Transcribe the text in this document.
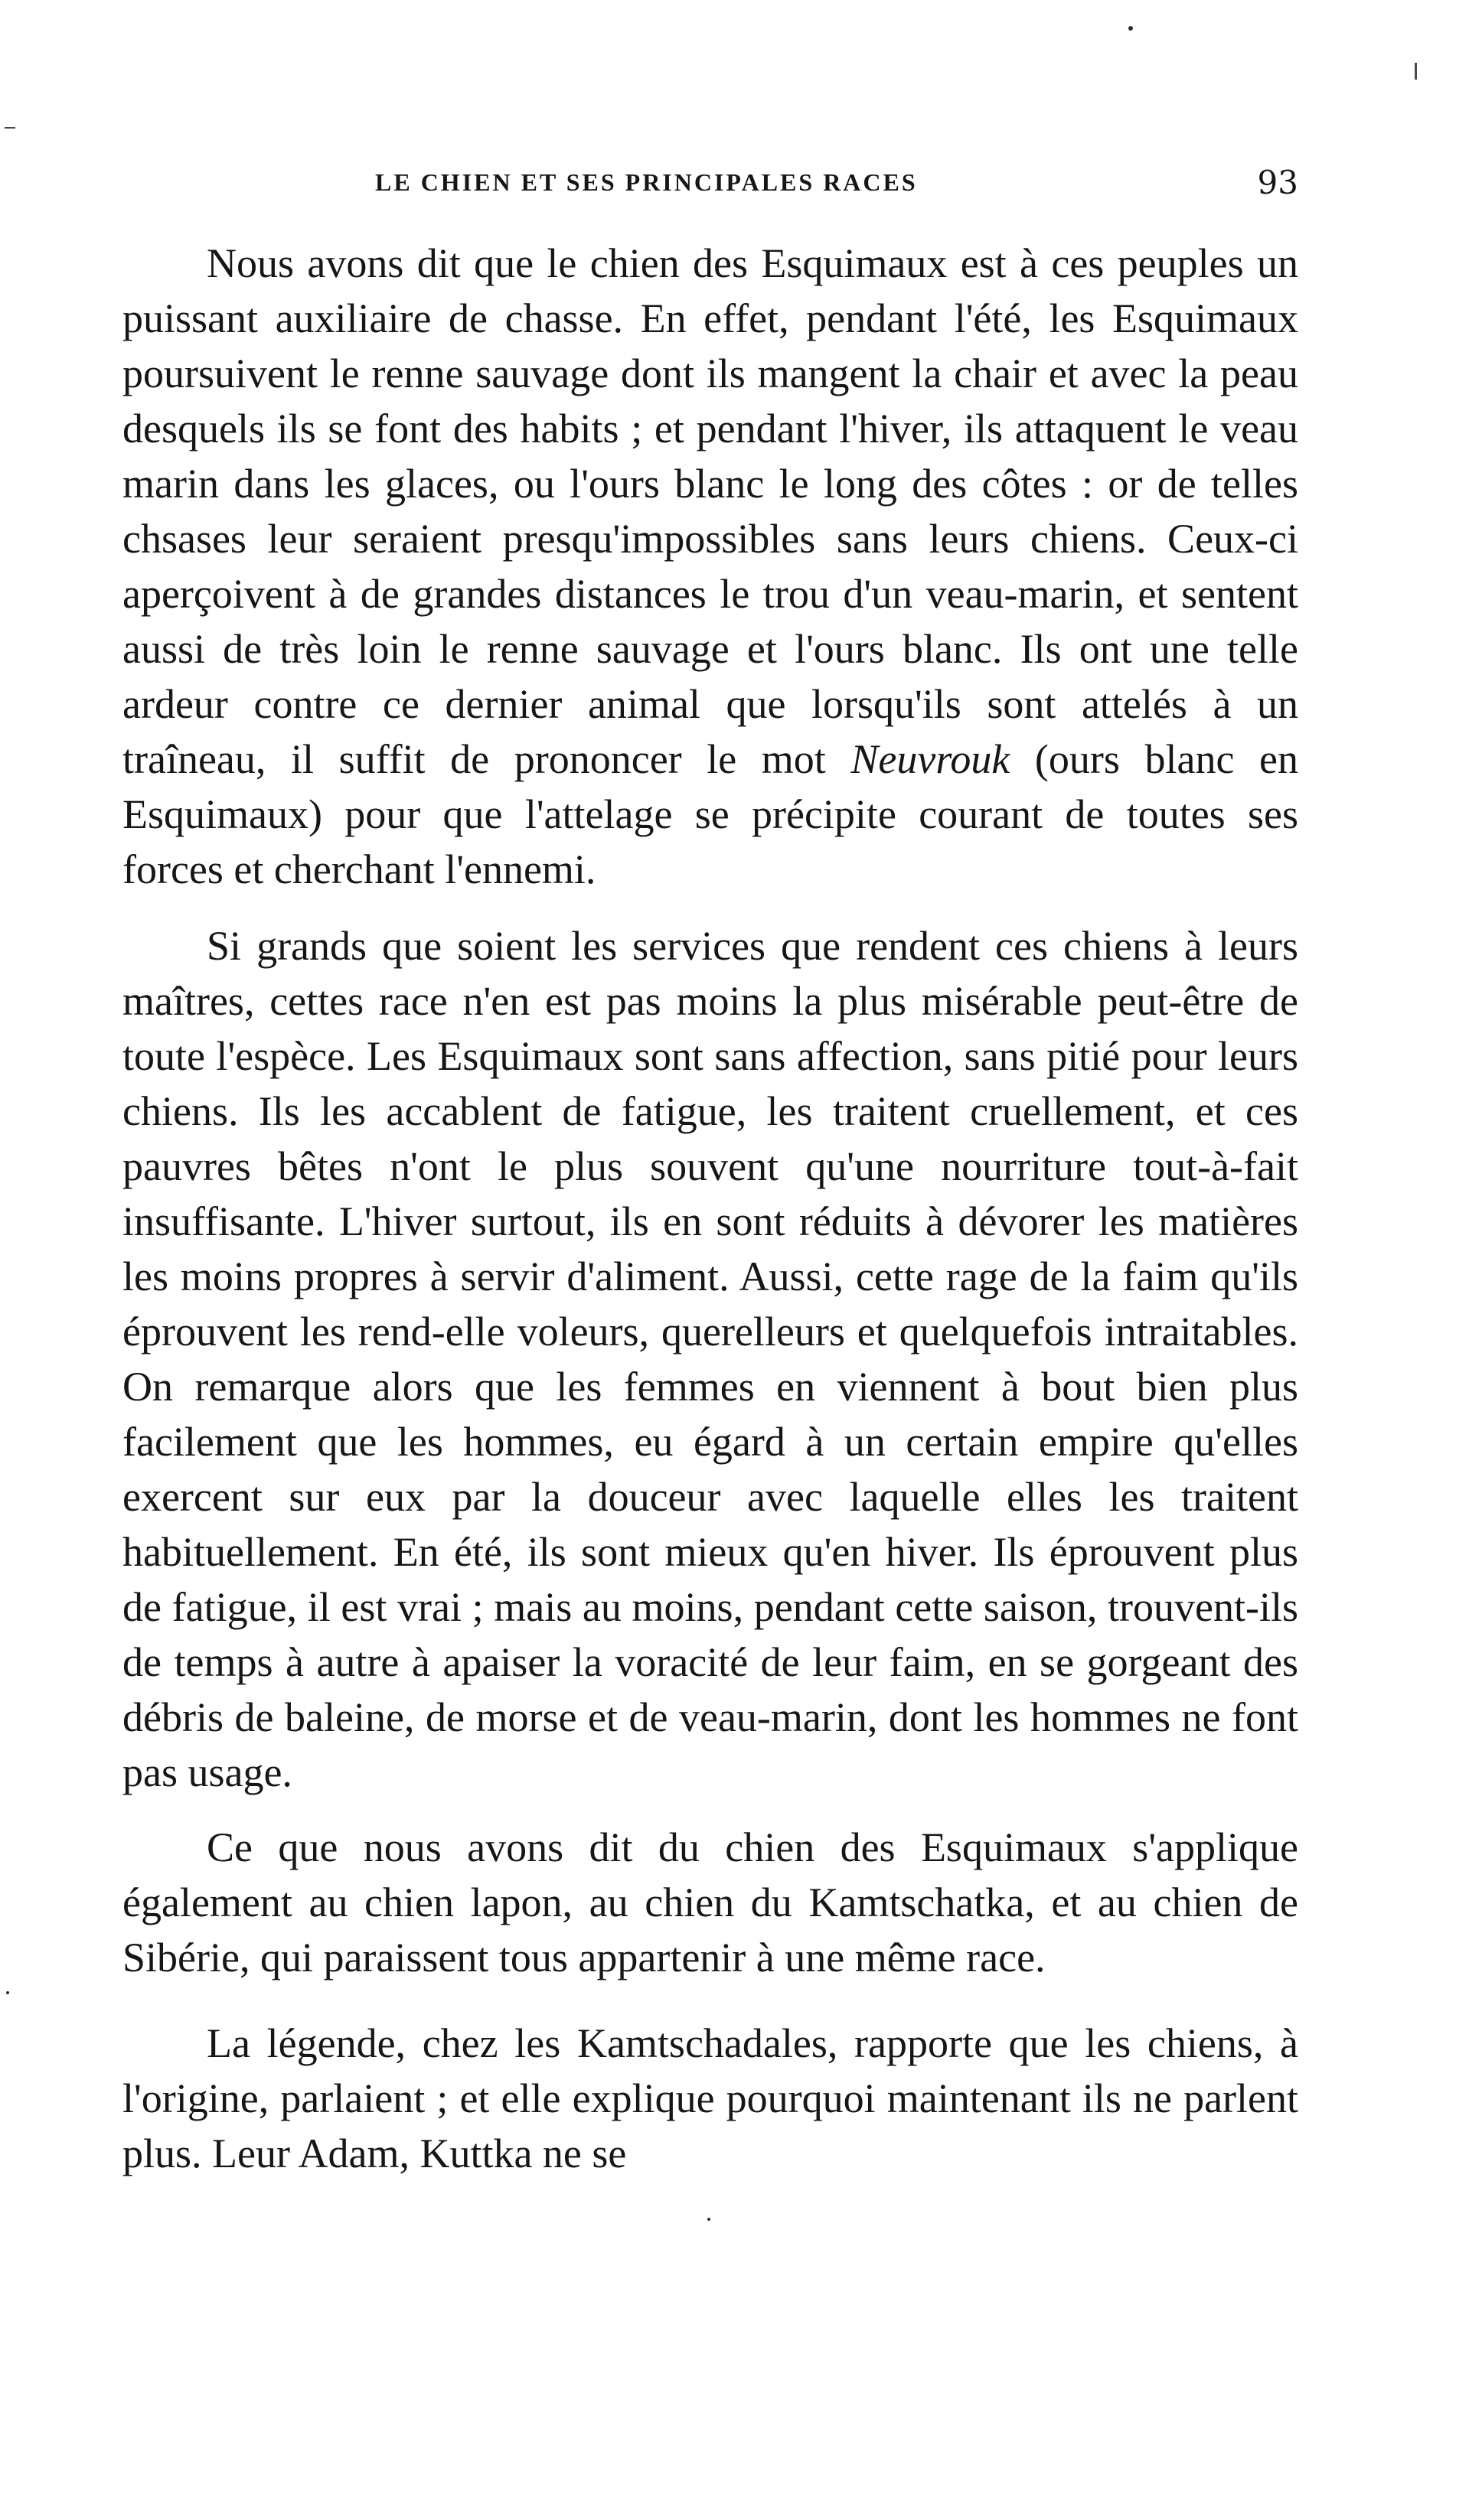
LE CHIEN ET SES PRINCIPALES RACES	93

Nous avons dit que le chien des Esquimaux est à ces peuples un puissant auxiliaire de chasse. En effet, pendant l'été, les Esquimaux poursuivent le renne sauvage dont ils mangent la chair et avec la peau desquels ils se font des habits ; et pendant l'hiver, ils attaquent le veau marin dans les glaces, ou l'ours blanc le long des côtes : or de telles chsases leur seraient presqu'impossibles sans leurs chiens. Ceux-ci aperçoivent à de grandes distances le trou d'un veau-marin, et sentent aussi de très loin le renne sauvage et l'ours blanc. Ils ont une telle ardeur contre ce dernier animal que lorsqu'ils sont attelés à un traîneau, il suffit de prononcer le mot Neuvrouk (ours blanc en Esquimaux) pour que l'attelage se précipite courant de toutes ses forces et cherchant l'ennemi.

Si grands que soient les services que rendent ces chiens à leurs maîtres, cettes race n'en est pas moins la plus misérable peut-être de toute l'espèce. Les Esquimaux sont sans affection, sans pitié pour leurs chiens. Ils les accablent de fatigue, les traitent cruellement, et ces pauvres bêtes n'ont le plus souvent qu'une nourriture tout-à-fait insuffisante. L'hiver surtout, ils en sont réduits à dévorer les matières les moins propres à servir d'aliment. Aussi, cette rage de la faim qu'ils éprouvent les rend-elle voleurs, querelleurs et quelquefois intraitables. On remarque alors que les femmes en viennent à bout bien plus facilement que les hommes, eu égard à un certain empire qu'elles exercent sur eux par la douceur avec laquelle elles les traitent habituellement. En été, ils sont mieux qu'en hiver. Ils éprouvent plus de fatigue, il est vrai ; mais au moins, pendant cette saison, trouvent-ils de temps à autre à apaiser la voracité de leur faim, en se gorgeant des débris de baleine, de morse et de veau-marin, dont les hommes ne font pas usage.

Ce que nous avons dit du chien des Esquimaux s'applique également au chien lapon, au chien du Kamtschatka, et au chien de Sibérie, qui paraissent tous appartenir à une même race.

La légende, chez les Kamtschadales, rapporte que les chiens, à l'origine, parlaient ; et elle explique pourquoi maintenant ils ne parlent plus. Leur Adam, Kuttka ne se
